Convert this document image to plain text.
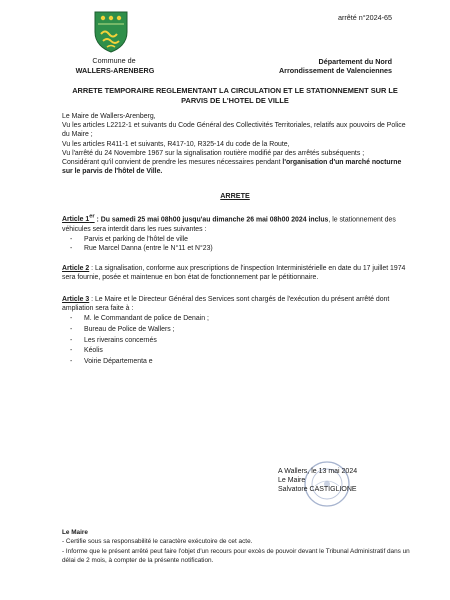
Commune de
WALLERS-ARENBERG
arrêté n°2024-65
Département du Nord
Arrondissement de Valenciennes
ARRETE TEMPORAIRE REGLEMENTANT LA CIRCULATION ET LE STATIONNEMENT SUR LE PARVIS DE L'HOTEL DE VILLE

Le Maire de Wallers-Arenberg,

Vu les articles L2212-1 et suivants du Code Général des Collectivités Territoriales, relatifs aux pouvoirs de Police du Maire ;

Vu les articles R411-1 et suivants, R417-10, R325-14 du code de la Route,

Vu l'arrêté du 24 Novembre 1967 sur la signalisation routière modifié par des arrêtés subséquents ;

Considérant qu'il convient de prendre les mesures nécessaires pendant l'organisation d'un marché nocturne sur le parvis de l'hôtel de Ville.

ARRETE

Article 1er : Du samedi 25 mai 08h00 jusqu'au dimanche 26 mai 08h00 2024 inclus, le stationnement des véhicules sera interdit dans les rues suivantes :

- Parvis et parking de l'hôtel de ville
- Rue Marcel Danna (entre le N°11 et N°23)

Article 2 : La signalisation, conforme aux prescriptions de l'inspection Interministérielle en date du 17 juillet 1974 sera fournie, posée et maintenue en bon état de fonctionnement par le pétitionnaire.

Article 3 : Le Maire et le Directeur Général des Services sont chargés de l'exécution du présent arrêté dont ampliation sera faite à :

- M. le Commandant de police de Denain ;
- Bureau de Police de Wallers ;
- Les riverains concernés
- Kéolis
- Voirie Départementa e
A Wallers, le 13 mai 2024
Le Maire
Salvatore CASTIGLIONE

Le Maire

- Certifie sous sa responsabilité le caractère exécutoire de cet acte.

- Informe que le présent arrêté peut faire l'objet d'un recours pour excès de pouvoir devant le Tribunal Administratif dans un délai de 2 mois, à compter de la présente notification.
